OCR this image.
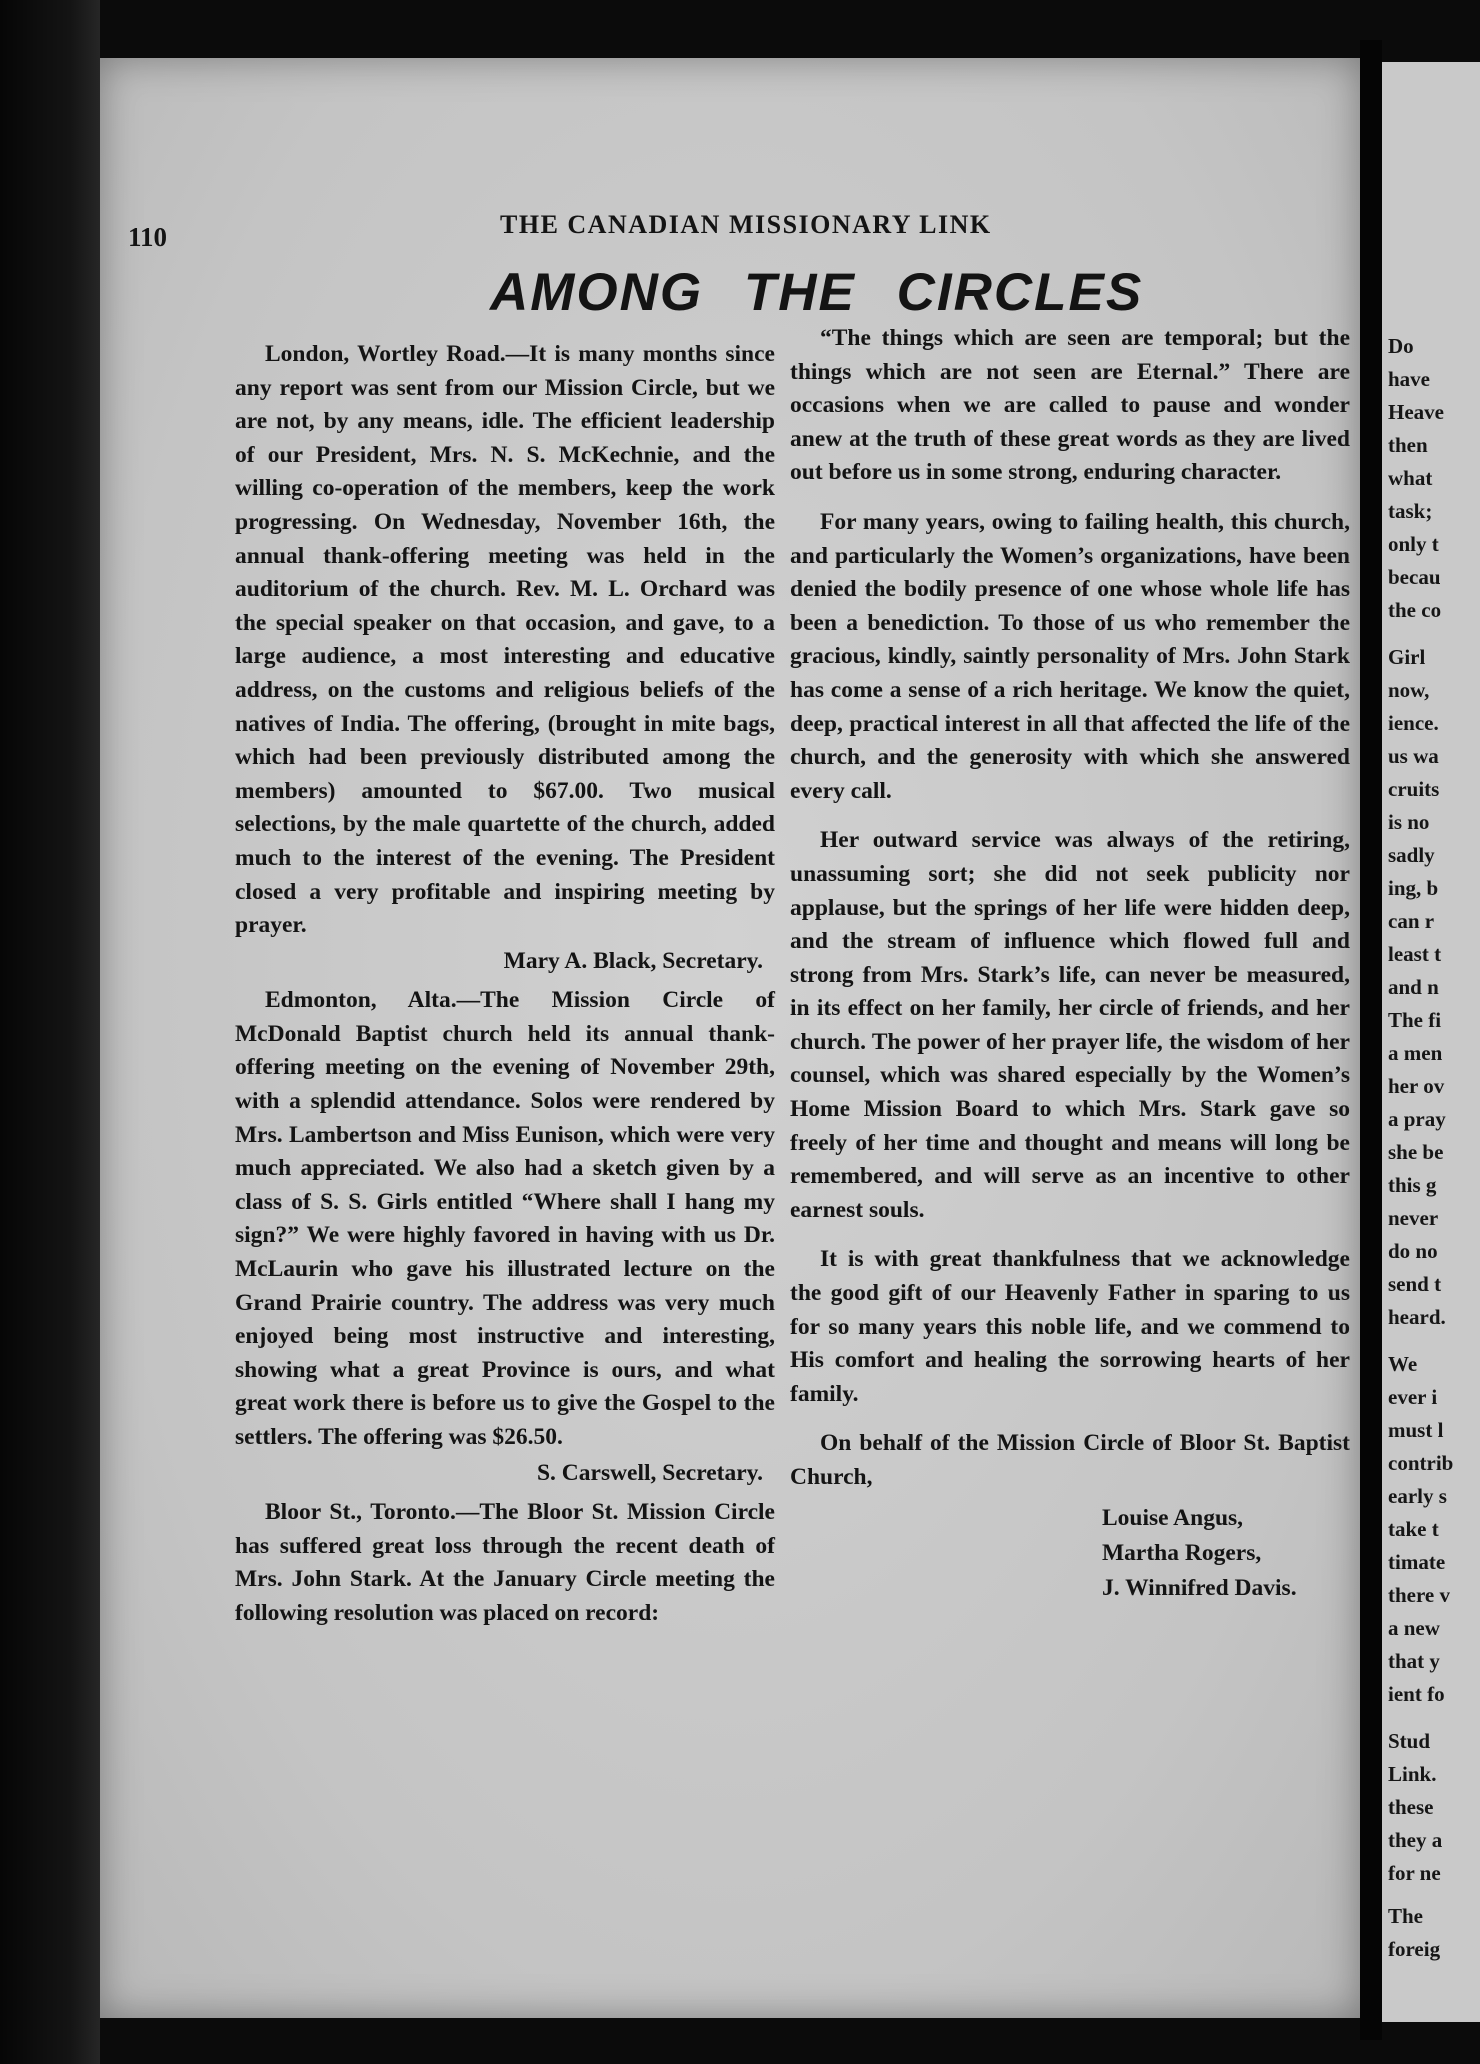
110	THE CANADIAN MISSIONARY LINK
AMONG THE CIRCLES

London, Wortley Road.—It is many months since any report was sent from our Mission Circle, but we are not, by any means, idle. The efficient leadership of our President, Mrs. N. S. McKechnie, and the willing co-operation of the members, keep the work progressing. On Wednesday, November 16th, the annual thank-offering meeting was held in the auditorium of the church. Rev. M. L. Orchard was the special speaker on that occasion, and gave, to a large audience, a most interesting and educative address, on the customs and religious beliefs of the natives of India. The offering, (brought in mite bags, which had been previously distributed among the members) amounted to $67.00. Two musical selections, by the male quartette of the church, added much to the interest of the evening. The President closed a very profitable and inspiring meeting by prayer.

Mary A. Black, Secretary.

Edmonton, Alta.—The Mission Circle of McDonald Baptist church held its annual thank-offering meeting on the evening of November 29th, with a splendid attendance. Solos were rendered by Mrs. Lambertson and Miss Eunison, which were very much appreciated. We also had a sketch given by a class of S. S. Girls entitled “Where shall I hang my sign?” We were highly favored in having with us Dr. McLaurin who gave his illustrated lecture on the Grand Prairie country. The address was very much enjoyed being most instructive and interesting, showing what a great Province is ours, and what great work there is before us to give the Gospel to the settlers. The offering was $26.50.

S. Carswell, Secretary.

Bloor St., Toronto.—The Bloor St. Mission Circle has suffered great loss through the recent death of Mrs. John Stark. At the January Circle meeting the following resolution was placed on record:

“The things which are seen are temporal; but the things which are not seen are Eternal.” There are occasions when we are called to pause and wonder anew at the truth of these great words as they are lived out before us in some strong, enduring character.

For many years, owing to failing health, this church, and particularly the Women’s organizations, have been denied the bodily presence of one whose whole life has been a benediction. To those of us who remember the gracious, kindly, saintly personality of Mrs. John Stark has come a sense of a rich heritage. We know the quiet, deep, practical interest in all that affected the life of the church, and the generosity with which she answered every call.

Her outward service was always of the retiring, unassuming sort; she did not seek publicity nor applause, but the springs of her life were hidden deep, and the stream of influence which flowed full and strong from Mrs. Stark’s life, can never be measured, in its effect on her family, her circle of friends, and her church. The power of her prayer life, the wisdom of her counsel, which was shared especially by the Women’s Home Mission Board to which Mrs. Stark gave so freely of her time and thought and means will long be remembered, and will serve as an incentive to other earnest souls.

It is with great thankfulness that we acknowledge the good gift of our Heavenly Father in sparing to us for so many years this noble life, and we commend to His comfort and healing the sorrowing hearts of her family.

On behalf of the Mission Circle of Bloor St. Baptist Church,

Louise Angus,
Martha Rogers,
J. Winnifred Davis.
Do
have
Heave
then
what
task;
only t
becau
the co
Girl
now,
ience.
us wa
cruits
is no
sadly
ing, b
can r
least t
and n
The fi
a men
her ov
a pray
she be
this g
never
do no
send t
heard.
We
ever i
must l
contrib
early s
take t
timate
there v
a new
that y
ient fo
Stud
Link.
these
they a
for ne
The
foreig
